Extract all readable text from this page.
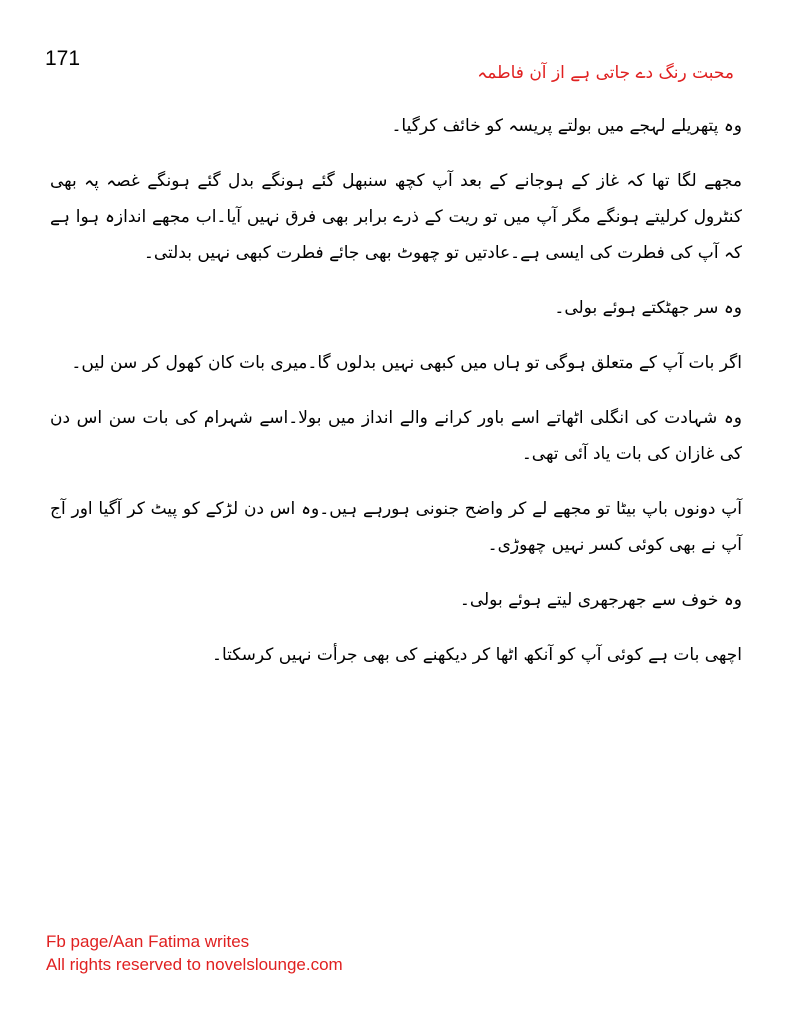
171
محبت رنگ دے جاتی ہے از آن فاطمہ

وہ پتھریلے لہجے میں بولتے پریسہ کو خائف کرگیا۔

مجھے لگا تھا کہ غاز کے ہوجانے کے بعد آپ کچھ سنبھل گئے ہونگے بدل گئے ہونگے غصہ پہ بھی کنٹرول کرلیتے ہونگے مگر آپ میں تو ریت کے ذرے برابر بھی فرق نہیں آیا۔اب مجھے اندازہ ہوا ہے کہ آپ کی فطرت کی ایسی ہے۔عادتیں تو چھوٹ بھی جائے فطرت کبھی نہیں بدلتی۔

وہ سر جھٹکتے ہوئے بولی۔

اگر بات آپ کے متعلق ہوگی تو ہاں میں کبھی نہیں بدلوں گا۔میری بات کان کھول کر سن لیں۔

وہ شہادت کی انگلی اٹھاتے اسے باور کرانے والے انداز میں بولا۔اسے شہرام کی بات سن اس دن کی غازان کی بات یاد آئی تھی۔

آپ دونوں باپ بیٹا تو مجھے لے کر واضح جنونی ہورہے ہیں۔وہ اس دن لڑکے کو پیٹ کر آگیا اور آج آپ نے بھی کوئی کسر نہیں چھوڑی۔

وہ خوف سے جھرجھری لیتے ہوئے بولی۔

اچھی بات ہے کوئی آپ کو آنکھ اٹھا کر دیکھنے کی بھی جرأت نہیں کرسکتا۔

Fb page/Aan Fatima writes
All rights reserved to novelslounge.com
